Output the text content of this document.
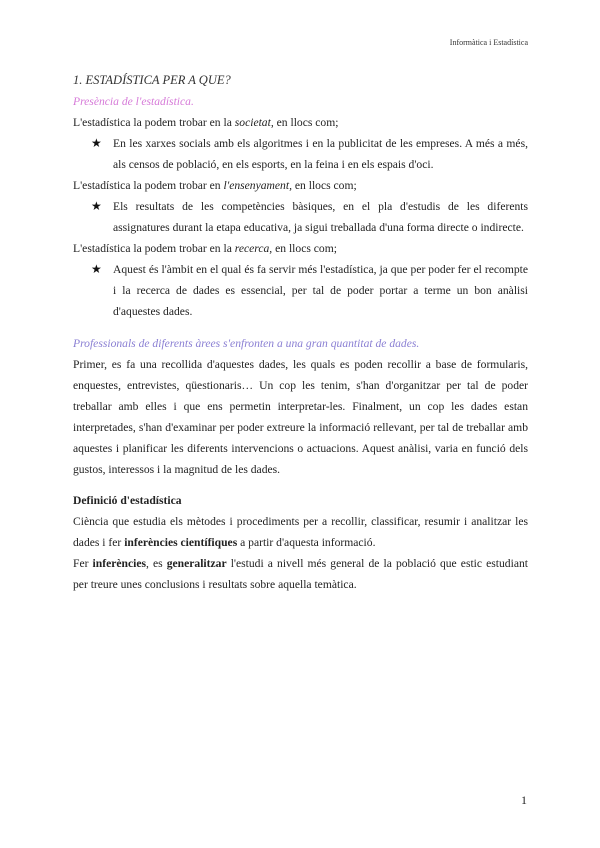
Informàtica i Estadística

1. ESTADÍSTICA PER A QUE?

Presència de l'estadística.

L'estadística la podem trobar en la societat, en llocs com;

★ En les xarxes socials amb els algoritmes i en la publicitat de les empreses. A més a més, als censos de població, en els esports, en la feina i en els espais d'oci.

L'estadística la podem trobar en l'ensenyament, en llocs com;

★ Els resultats de les competències bàsiques, en el pla d'estudis de les diferents assignatures durant la etapa educativa, ja sigui treballada d'una forma directe o indirecte.

L'estadística la podem trobar en la recerca, en llocs com;

★ Aquest és l'àmbit en el qual és fa servir més l'estadística, ja que per poder fer el recompte i la recerca de dades es essencial, per tal de poder portar a terme un bon anàlisi d'aquestes dades.

Professionals de diferents àrees s'enfronten a una gran quantitat de dades.

Primer, es fa una recollida d'aquestes dades, les quals es poden recollir a base de formularis, enquestes, entrevistes, qüestionaris… Un cop les tenim, s'han d'organitzar per tal de poder treballar amb elles i que ens permetin interpretar-les. Finalment, un cop les dades estan interpretades, s'han d'examinar per poder extreure la informació rellevant, per tal de treballar amb aquestes i planificar les diferents intervencions o actuacions. Aquest anàlisi, varia en funció dels gustos, interessos i la magnitud de les dades.

Definició d'estadística

Ciència que estudia els mètodes i procediments per a recollir, classificar, resumir i analitzar les dades i fer inferències científiques a partir d'aquesta informació.

Fer inferències, es generalitzar l'estudi a nivell més general de la població que estic estudiant per treure unes conclusions i resultats sobre aquella temàtica.

1
